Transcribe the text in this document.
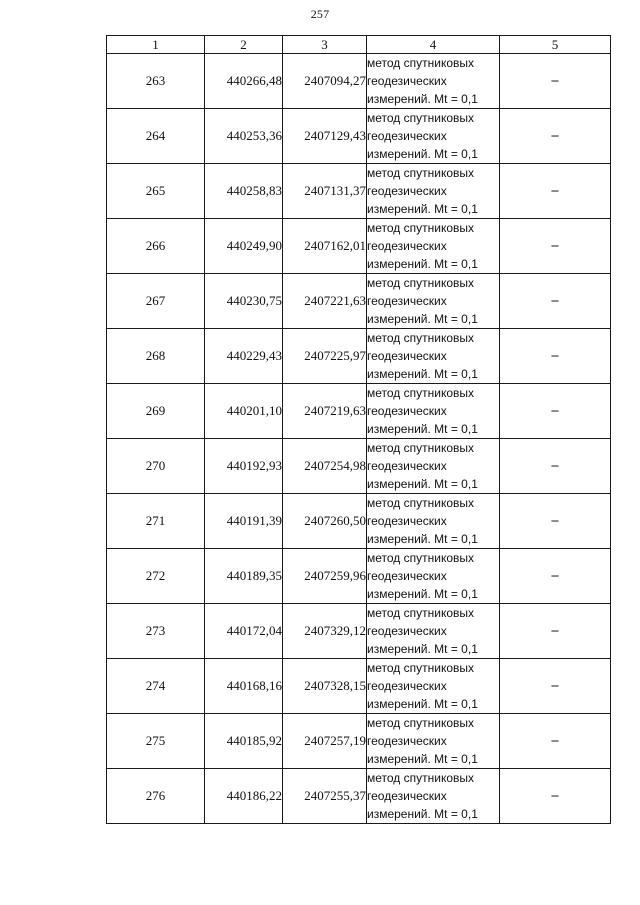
257
1	2	3	4	5
263	440266,48	2407094,27	метод спутниковых
геодезических
измерений. Mt = 0,1	–
264	440253,36	2407129,43	метод спутниковых
геодезических
измерений. Mt = 0,1	–
265	440258,83	2407131,37	метод спутниковых
геодезических
измерений. Mt = 0,1	–
266	440249,90	2407162,01	метод спутниковых
геодезических
измерений. Mt = 0,1	–
267	440230,75	2407221,63	метод спутниковых
геодезических
измерений. Mt = 0,1	–
268	440229,43	2407225,97	метод спутниковых
геодезических
измерений. Mt = 0,1	–
269	440201,10	2407219,63	метод спутниковых
геодезических
измерений. Mt = 0,1	–
270	440192,93	2407254,98	метод спутниковых
геодезических
измерений. Mt = 0,1	–
271	440191,39	2407260,50	метод спутниковых
геодезических
измерений. Mt = 0,1	–
272	440189,35	2407259,96	метод спутниковых
геодезических
измерений. Mt = 0,1	–
273	440172,04	2407329,12	метод спутниковых
геодезических
измерений. Mt = 0,1	–
274	440168,16	2407328,15	метод спутниковых
геодезических
измерений. Mt = 0,1	–
275	440185,92	2407257,19	метод спутниковых
геодезических
измерений. Mt = 0,1	–
276	440186,22	2407255,37	метод спутниковых
геодезических
измерений. Mt = 0,1	–
